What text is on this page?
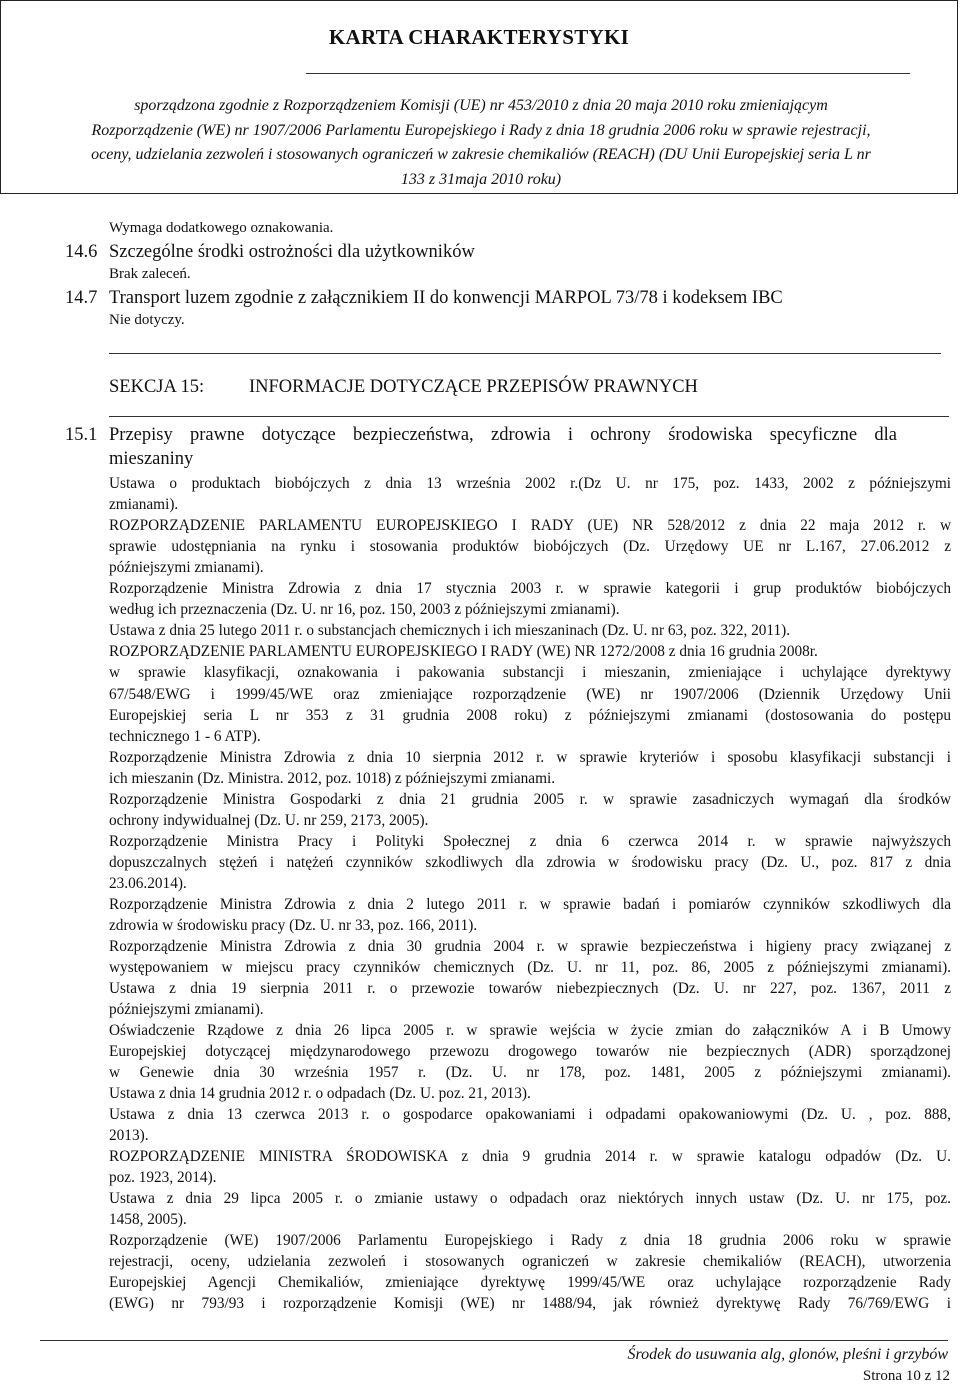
KARTA CHARAKTERYSTYKI
sporządzona zgodnie z Rozporządzeniem Komisji (UE) nr 453/2010 z dnia 20 maja 2010 roku zmieniającym
Rozporządzenie (WE) nr 1907/2006 Parlamentu Europejskiego i Rady z dnia 18 grudnia 2006 roku w sprawie rejestracji,
oceny, udzielania zezwoleń i stosowanych ograniczeń w zakresie chemikaliów (REACH) (DU Unii Europejskiej seria L nr
133 z 31maja 2010 roku)
Wymaga dodatkowego oznakowania.
14.6 Szczególne środki ostrożności dla użytkowników
Brak zaleceń.
14.7 Transport luzem zgodnie z załącznikiem II do konwencji MARPOL 73/78 i kodeksem IBC
Nie dotyczy.
SEKCJA 15: INFORMACJE DOTYCZĄCE PRZEPISÓW PRAWNYCH
15.1 Przepisy prawne dotyczące bezpieczeństwa, zdrowia i ochrony środowiska specyficzne dla
mieszaniny
Ustawa o produktach biobójczych z dnia 13 września 2002 r.(Dz U. nr 175, poz. 1433, 2002 z późniejszymi
zmianami).
ROZPORZĄDZENIE PARLAMENTU EUROPEJSKIEGO I RADY (UE) NR 528/2012 z dnia 22 maja 2012 r. w
sprawie udostępniania na rynku i stosowania produktów biobójczych (Dz. Urzędowy UE nr L.167, 27.06.2012 z
późniejszymi zmianami).
Rozporządzenie Ministra Zdrowia z dnia 17 stycznia 2003 r. w sprawie kategorii i grup produktów biobójczych
według ich przeznaczenia (Dz. U. nr 16, poz. 150, 2003 z późniejszymi zmianami).
Ustawa z dnia 25 lutego 2011 r. o substancjach chemicznych i ich mieszaninach (Dz. U. nr 63, poz. 322, 2011).
ROZPORZĄDZENIE PARLAMENTU EUROPEJSKIEGO I RADY (WE) NR 1272/2008 z dnia 16 grudnia 2008r.
w sprawie klasyfikacji, oznakowania i pakowania substancji i mieszanin, zmieniające i uchylające dyrektywy
67/548/EWG i 1999/45/WE oraz zmieniające rozporządzenie (WE) nr 1907/2006 (Dziennik Urzędowy Unii
Europejskiej seria L nr 353 z 31 grudnia 2008 roku) z późniejszymi zmianami (dostosowania do postępu
technicznego 1 - 6 ATP).
Rozporządzenie Ministra Zdrowia z dnia 10 sierpnia 2012 r. w sprawie kryteriów i sposobu klasyfikacji substancji i
ich mieszanin (Dz. Ministra. 2012, poz. 1018) z późniejszymi zmianami.
Rozporządzenie Ministra Gospodarki z dnia 21 grudnia 2005 r. w sprawie zasadniczych wymagań dla środków
ochrony indywidualnej (Dz. U. nr 259, 2173, 2005).
Rozporządzenie Ministra Pracy i Polityki Społecznej z dnia 6 czerwca 2014 r. w sprawie najwyższych
dopuszczalnych stężeń i natężeń czynników szkodliwych dla zdrowia w środowisku pracy (Dz. U., poz. 817 z dnia
23.06.2014).
Rozporządzenie Ministra Zdrowia z dnia 2 lutego 2011 r. w sprawie badań i pomiarów czynników szkodliwych dla
zdrowia w środowisku pracy (Dz. U. nr 33, poz. 166, 2011).
Rozporządzenie Ministra Zdrowia z dnia 30 grudnia 2004 r. w sprawie bezpieczeństwa i higieny pracy związanej z
występowaniem w miejscu pracy czynników chemicznych (Dz. U. nr 11, poz. 86, 2005 z późniejszymi zmianami).
Ustawa z dnia 19 sierpnia 2011 r. o przewozie towarów niebezpiecznych (Dz. U. nr 227, poz. 1367, 2011 z
późniejszymi zmianami).
Oświadczenie Rządowe z dnia 26 lipca 2005 r. w sprawie wejścia w życie zmian do załączników A i B Umowy
Europejskiej dotyczącej międzynarodowego przewozu drogowego towarów nie bezpiecznych (ADR) sporządzonej
w Genewie dnia 30 września 1957 r. (Dz. U. nr 178, poz. 1481, 2005 z późniejszymi zmianami).
Ustawa z dnia 14 grudnia 2012 r. o odpadach (Dz. U. poz. 21, 2013).
Ustawa z dnia 13 czerwca 2013 r. o gospodarce opakowaniami i odpadami opakowaniowymi (Dz. U. , poz. 888,
2013).
ROZPORZĄDZENIE MINISTRA ŚRODOWISKA z dnia 9 grudnia 2014 r. w sprawie katalogu odpadów (Dz. U.
poz. 1923, 2014).
Ustawa z dnia 29 lipca 2005 r. o zmianie ustawy o odpadach oraz niektórych innych ustaw (Dz. U. nr 175, poz.
1458, 2005).
Rozporządzenie (WE) 1907/2006 Parlamentu Europejskiego i Rady z dnia 18 grudnia 2006 roku w sprawie
rejestracji, oceny, udzielania zezwoleń i stosowanych ograniczeń w zakresie chemikaliów (REACH), utworzenia
Europejskiej Agencji Chemikaliów, zmieniające dyrektywę 1999/45/WE oraz uchylające rozporządzenie Rady
(EWG) nr 793/93 i rozporządzenie Komisji (WE) nr 1488/94, jak również dyrektywę Rady 76/769/EWG i
Środek do usuwania alg, glonów, pleśni i grzybów
Strona 10 z 12
